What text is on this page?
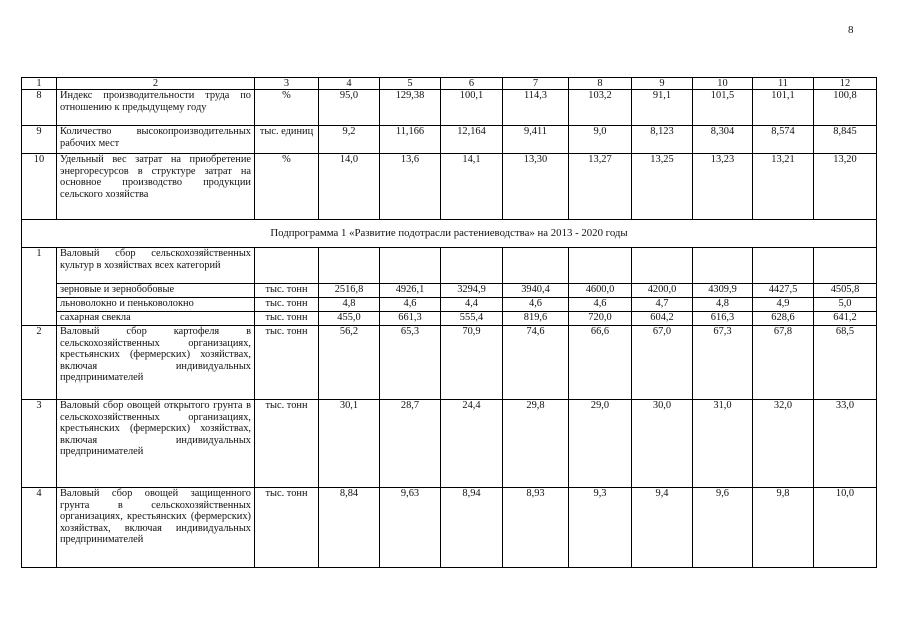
8
1	2	3	4	5	6	7	8	9	10	11	12
8	Индекс производительности труда по отношению к предыдущему году	%	95,0	129,38	100,1	114,3	103,2	91,1	101,5	101,1	100,8
9	Количество высокопроизводительных рабочих мест	тыс. единиц	9,2	11,166	12,164	9,411	9,0	8,123	8,304	8,574	8,845
10	Удельный вес затрат на приобретение энергоресурсов в структуре затрат на основное производство продукции сельского хозяйства	%	14,0	13,6	14,1	13,30	13,27	13,25	13,23	13,21	13,20
Подпрограмма 1 «Развитие подотрасли растениеводства» на 2013 - 2020 годы											
1	Валовый сбор сельскохозяйственных культур в хозяйствах всех категорий										
	зерновые и зернобобовые	тыс. тонн	2516,8	4926,1	3294,9	3940,4	4600,0	4200,0	4309,9	4427,5	4505,8
	льноволокно и пеньковолокно	тыс. тонн	4,8	4,6	4,4	4,6	4,6	4,7	4,8	4,9	5,0
	сахарная свекла	тыс. тонн	455,0	661,3	555,4	819,6	720,0	604,2	616,3	628,6	641,2
2	Валовый сбор картофеля в сельскохозяйственных организациях, крестьянских (фермерских) хозяйствах, включая индивидуальных предпринимателей	тыс. тонн	56,2	65,3	70,9	74,6	66,6	67,0	67,3	67,8	68,5
3	Валовый сбор овощей открытого грунта в сельскохозяйственных организациях, крестьянских (фермерских) хозяйствах, включая индивидуальных предпринимателей	тыс. тонн	30,1	28,7	24,4	29,8	29,0	30,0	31,0	32,0	33,0
4	Валовый сбор овощей защищенного грунта в сельскохозяйственных организациях, крестьянских (фермерских) хозяйствах, включая индивидуальных предпринимателей	тыс. тонн	8,84	9,63	8,94	8,93	9,3	9,4	9,6	9,8	10,0
